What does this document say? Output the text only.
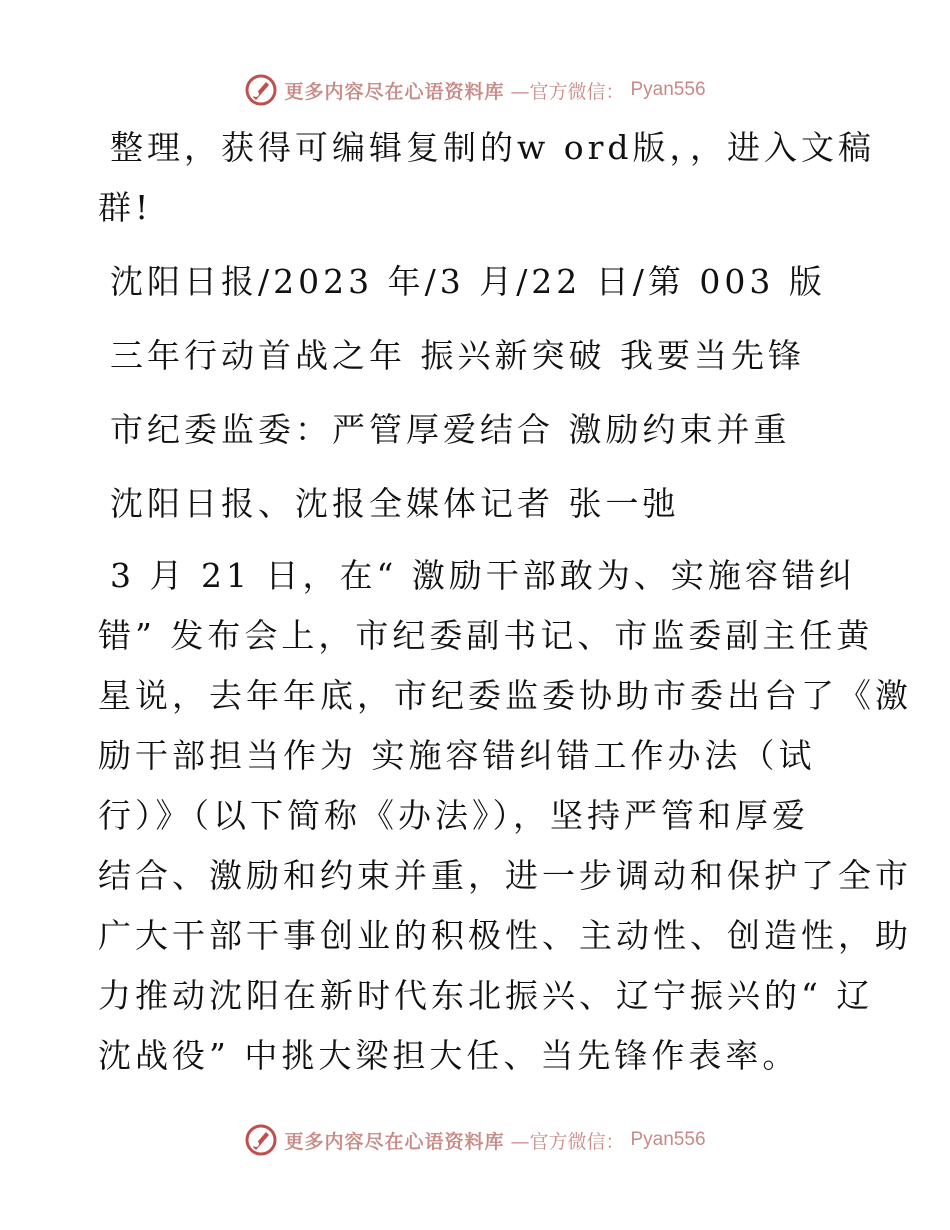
更多内容尽在心语资料库 —官方微信： Pyan556

整理，获得可编辑复制的w ord版，，进入文稿
群!

沈阳日报/2023 年/3 月/22 日/第 003 版

三年行动首战之年 振兴新突破 我要当先锋

市纪委监委：严管厚爱结合 激励约束并重

沈阳日报、沈报全媒体记者 张一弛

3 月 21 日，在“ 激励干部敢为、实施容错纠
错” 发布会上，市纪委副书记、市监委副主任黄
星说，去年年底，市纪委监委协助市委出台了《激
励干部担当作为 实施容错纠错工作办法（试
行）》（以下简称《办法》），坚持严管和厚爱
结合、激励和约束并重，进一步调动和保护了全市
广大干部干事创业的积极性、主动性、创造性，助
力推动沈阳在新时代东北振兴、辽宁振兴的“ 辽
沈战役” 中挑大梁担大任、当先锋作表率。

更多内容尽在心语资料库 —官方微信： Pyan556
